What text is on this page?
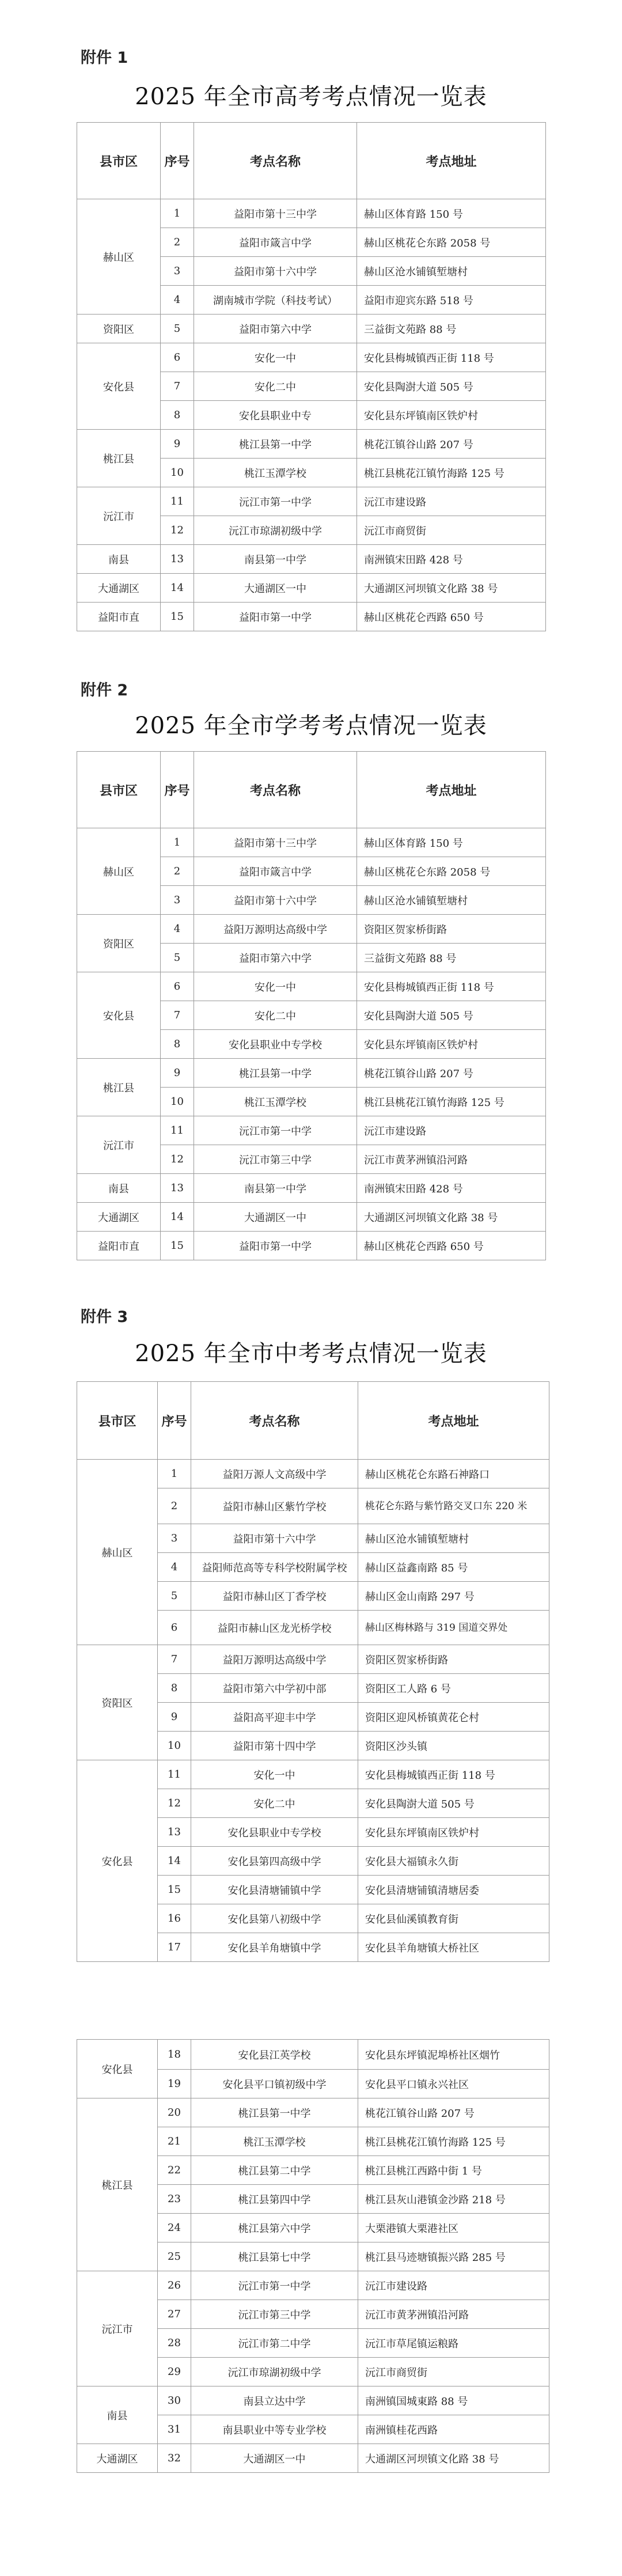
附件 1
2025 年全市高考考点情况一览表
县市区	序号	考点名称	考点地址
赫山区	1	益阳市第十三中学	赫山区体育路 150 号
	2	益阳市箴言中学	赫山区桃花仑东路 2058 号
	3	益阳市第十六中学	赫山区沧水铺镇堑塘村
	4	湖南城市学院（科技考试）	益阳市迎宾东路 518 号
资阳区	5	益阳市第六中学	三益街文苑路 88 号
安化县	6	安化一中	安化县梅城镇西正街 118 号
	7	安化二中	安化县陶澍大道 505 号
	8	安化县职业中专	安化县东坪镇南区铁炉村
桃江县	9	桃江县第一中学	桃花江镇谷山路 207 号
	10	桃江玉潭学校	桃江县桃花江镇竹海路 125 号
沅江市	11	沅江市第一中学	沅江市建设路
	12	沅江市琼湖初级中学	沅江市商贸街
南县	13	南县第一中学	南洲镇宋田路 428 号
大通湖区	14	大通湖区一中	大通湖区河坝镇文化路 38 号
益阳市直	15	益阳市第一中学	赫山区桃花仑西路 650 号
附件 2
2025 年全市学考考点情况一览表
县市区	序号	考点名称	考点地址
赫山区	1	益阳市第十三中学	赫山区体育路 150 号
	2	益阳市箴言中学	赫山区桃花仑东路 2058 号
	3	益阳市第十六中学	赫山区沧水铺镇堑塘村
资阳区	4	益阳万源明达高级中学	资阳区贺家桥街路
	5	益阳市第六中学	三益街文苑路 88 号
安化县	6	安化一中	安化县梅城镇西正街 118 号
	7	安化二中	安化县陶澍大道 505 号
	8	安化县职业中专学校	安化县东坪镇南区铁炉村
桃江县	9	桃江县第一中学	桃花江镇谷山路 207 号
	10	桃江玉潭学校	桃江县桃花江镇竹海路 125 号
沅江市	11	沅江市第一中学	沅江市建设路
	12	沅江市第三中学	沅江市黄茅洲镇沿河路
南县	13	南县第一中学	南洲镇宋田路 428 号
大通湖区	14	大通湖区一中	大通湖区河坝镇文化路 38 号
益阳市直	15	益阳市第一中学	赫山区桃花仑西路 650 号
附件 3
2025 年全市中考考点情况一览表
县市区	序号	考点名称	考点地址
赫山区	1	益阳万源人文高级中学	赫山区桃花仑东路石神路口
	2	益阳市赫山区紫竹学校	桃花仑东路与紫竹路交叉口东 220 米
	3	益阳市第十六中学	赫山区沧水铺镇堑塘村
	4	益阳师范高等专科学校附属学校	赫山区益鑫南路 85 号
	5	益阳市赫山区丁香学校	赫山区金山南路 297 号
	6	益阳市赫山区龙光桥学校	赫山区梅林路与 319 国道交界处
资阳区	7	益阳万源明达高级中学	资阳区贺家桥街路
	8	益阳市第六中学初中部	资阳区工人路 6 号
	9	益阳高平迎丰中学	资阳区迎风桥镇黄花仑村
	10	益阳市第十四中学	资阳区沙头镇
安化县	11	安化一中	安化县梅城镇西正街 118 号
	12	安化二中	安化县陶澍大道 505 号
	13	安化县职业中专学校	安化县东坪镇南区铁炉村
	14	安化县第四高级中学	安化县大福镇永久街
	15	安化县清塘铺镇中学	安化县清塘铺镇清塘居委
	16	安化县第八初级中学	安化县仙溪镇教育街
	17	安化县羊角塘镇中学	安化县羊角塘镇大桥社区
安化县	18	安化县江英学校	安化县东坪镇泥埠桥社区烟竹
	19	安化县平口镇初级中学	安化县平口镇永兴社区
桃江县	20	桃江县第一中学	桃花江镇谷山路 207 号
	21	桃江玉潭学校	桃江县桃花江镇竹海路 125 号
	22	桃江县第二中学	桃江县桃江西路中街 1 号
	23	桃江县第四中学	桃江县灰山港镇金沙路 218 号
	24	桃江县第六中学	大栗港镇大栗港社区
	25	桃江县第七中学	桃江县马迹塘镇振兴路 285 号
沅江市	26	沅江市第一中学	沅江市建设路
	27	沅江市第三中学	沅江市黄茅洲镇沿河路
	28	沅江市第二中学	沅江市草尾镇运粮路
	29	沅江市琼湖初级中学	沅江市商贸街
南县	30	南县立达中学	南洲镇国城東路 88 号
	31	南县职业中等专业学校	南洲镇桂花西路
大通湖区	32	大通湖区一中	大通湖区河坝镇文化路 38 号
